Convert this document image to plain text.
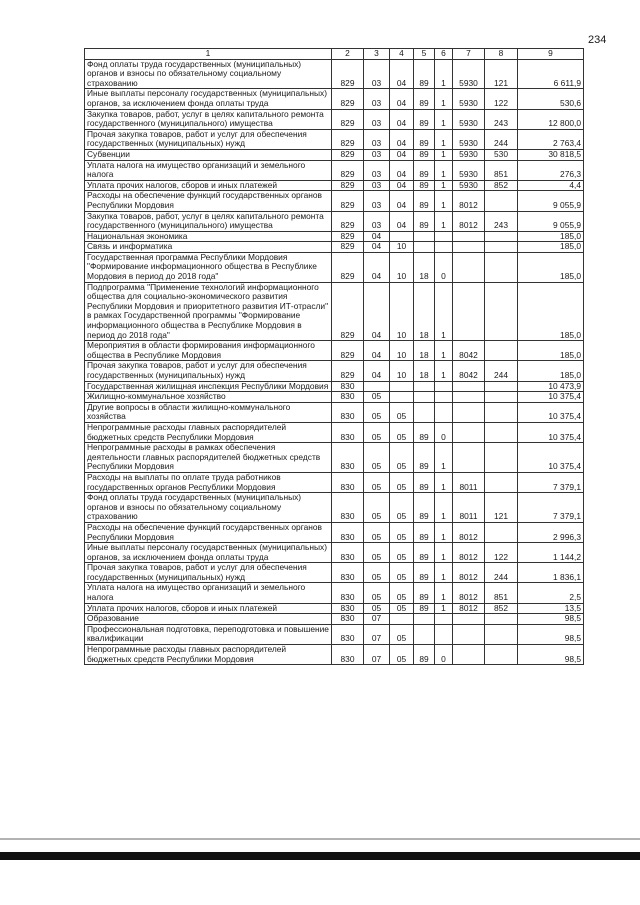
234
1	2	3	4	5	6	7	8	9
Фонд оплаты труда государственных (муниципальных) органов и взносы по обязательному социальному страхованию	829	03	04	89	1	5930	121	6 611,9
Иные выплаты персоналу государственных (муниципальных) органов, за исключением фонда оплаты труда	829	03	04	89	1	5930	122	530,6
Закупка товаров, работ, услуг в целях капитального ремонта государственного (муниципального) имущества	829	03	04	89	1	5930	243	12 800,0
Прочая закупка товаров, работ и услуг для обеспечения государственных (муниципальных) нужд	829	03	04	89	1	5930	244	2 763,4
Субвенции	829	03	04	89	1	5930	530	30 818,5
Уплата налога на имущество организаций и земельного налога	829	03	04	89	1	5930	851	276,3
Уплата прочих налогов, сборов и иных платежей	829	03	04	89	1	5930	852	4,4
Расходы на обеспечение функций государственных органов Республики Мордовия	829	03	04	89	1	8012		9 055,9
Закупка товаров, работ, услуг в целях капитального ремонта государственного (муниципального) имущества	829	03	04	89	1	8012	243	9 055,9
Национальная экономика	829	04						185,0
Связь и информатика	829	04	10					185,0
Государственная программа Республики Мордовия "Формирование информационного общества в Республике Мордовия в период до 2018 года"	829	04	10	18	0			185,0
Подпрограмма "Применение технологий информационного общества для социально-экономического развития Республики Мордовия и приоритетного развития ИТ-отрасли" в рамках Государственной программы "Формирование информационного общества в Республике Мордовия в период до 2018 года"	829	04	10	18	1			185,0
Мероприятия в области формирования информационного общества в Республике Мордовия	829	04	10	18	1	8042		185,0
Прочая закупка товаров, работ и услуг для обеспечения государственных (муниципальных) нужд	829	04	10	18	1	8042	244	185,0
Государственная жилищная инспекция Республики Мордовия	830							10 473,9
Жилищно-коммунальное хозяйство	830	05						10 375,4
Другие вопросы в области жилищно-коммунального хозяйства	830	05	05					10 375,4
Непрограммные расходы главных распорядителей бюджетных средств Республики Мордовия	830	05	05	89	0			10 375,4
Непрограммные расходы в рамках обеспечения деятельности главных распорядителей бюджетных средств Республики Мордовия	830	05	05	89	1			10 375,4
Расходы на выплаты по оплате труда работников государственных органов Республики Мордовия	830	05	05	89	1	8011		7 379,1
Фонд оплаты труда государственных (муниципальных) органов и взносы по обязательному социальному страхованию	830	05	05	89	1	8011	121	7 379,1
Расходы на обеспечение функций государственных органов Республики Мордовия	830	05	05	89	1	8012		2 996,3
Иные выплаты персоналу государственных (муниципальных) органов, за исключением фонда оплаты труда	830	05	05	89	1	8012	122	1 144,2
Прочая закупка товаров, работ и услуг для обеспечения государственных (муниципальных) нужд	830	05	05	89	1	8012	244	1 836,1
Уплата налога на имущество организаций и земельного налога	830	05	05	89	1	8012	851	2,5
Уплата прочих налогов, сборов и иных платежей	830	05	05	89	1	8012	852	13,5
Образование	830	07						98,5
Профессиональная подготовка, переподготовка и повышение квалификации	830	07	05					98,5
Непрограммные расходы главных распорядителей бюджетных средств Республики Мордовия	830	07	05	89	0			98,5
